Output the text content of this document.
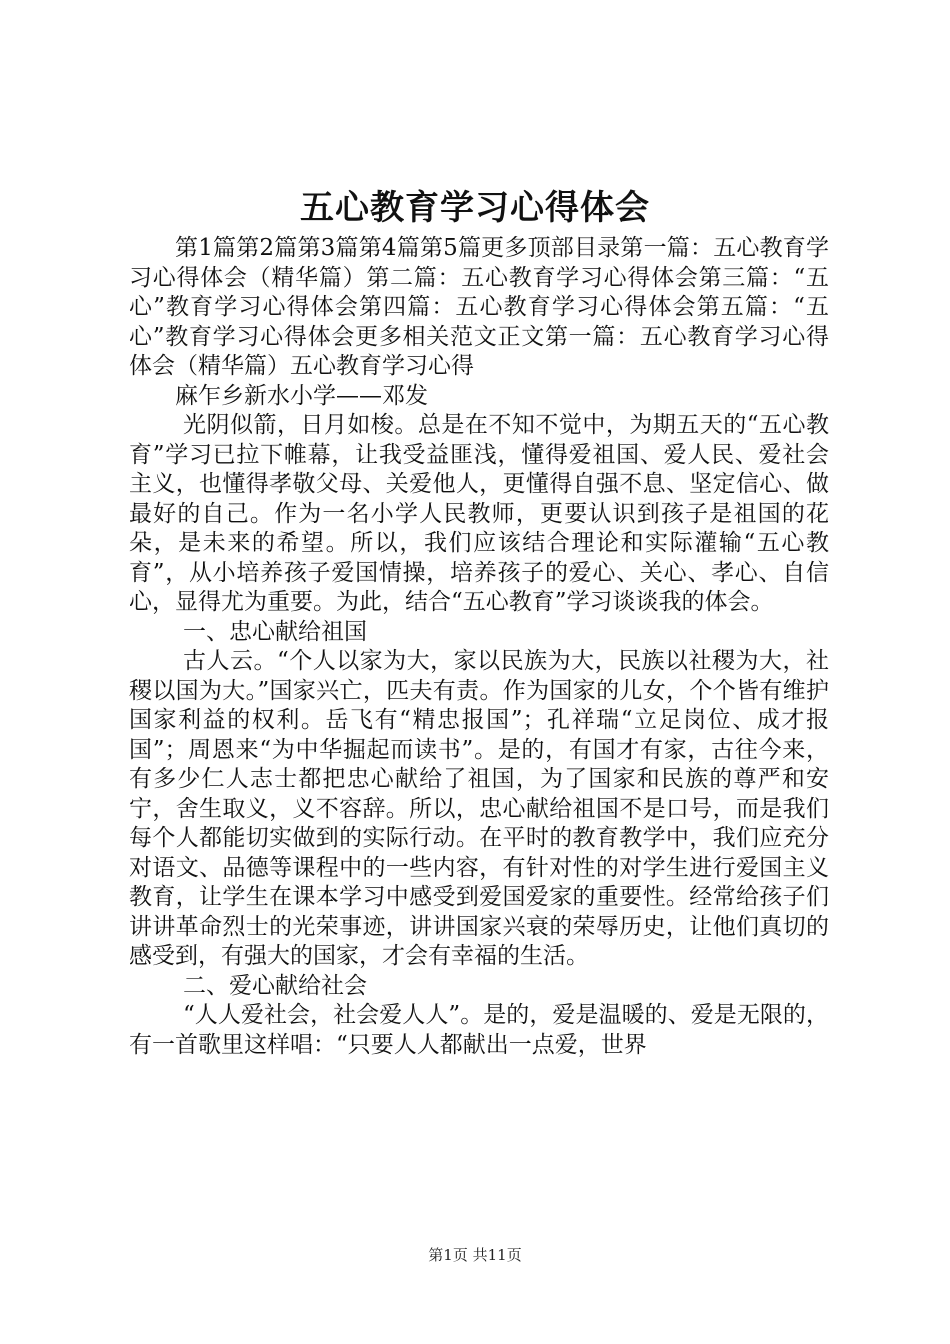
五心教育学习心得体会

第1篇第2篇第3篇第4篇第5篇更多顶部目录第一篇：五心教育学习心得体会（精华篇）第二篇：五心教育学习心得体会第三篇：“五心”教育学习心得体会第四篇：五心教育学习心得体会第五篇：“五心”教育学习心得体会更多相关范文正文第一篇：五心教育学习心得体会（精华篇）五心教育学习心得

麻乍乡新水小学——邓发

光阴似箭，日月如梭。总是在不知不觉中，为期五天的“五心教育”学习已拉下帷幕，让我受益匪浅，懂得爱祖国、爱人民、爱社会主义，也懂得孝敬父母、关爱他人，更懂得自强不息、坚定信心、做最好的自己。作为一名小学人民教师，更要认识到孩子是祖国的花朵，是未来的希望。所以，我们应该结合理论和实际灌输“五心教育”，从小培养孩子爱国情操，培养孩子的爱心、关心、孝心、自信心，显得尤为重要。为此，结合“五心教育”学习谈谈我的体会。

一、忠心献给祖国

古人云。“个人以家为大，家以民族为大，民族以社稷为大，社稷以国为大。”国家兴亡，匹夫有责。作为国家的儿女，个个皆有维护国家利益的权利。岳飞有“精忠报国”；孔祥瑞“立足岗位、成才报国”；周恩来“为中华掘起而读书”。是的，有国才有家，古往今来，有多少仁人志士都把忠心献给了祖国，为了国家和民族的尊严和安宁，舍生取义，义不容辞。所以，忠心献给祖国不是口号，而是我们每个人都能切实做到的实际行动。在平时的教育教学中，我们应充分对语文、品德等课程中的一些内容，有针对性的对学生进行爱国主义教育，让学生在课本学习中感受到爱国爱家的重要性。经常给孩子们讲讲革命烈士的光荣事迹，讲讲国家兴衰的荣辱历史，让他们真切的感受到，有强大的国家，才会有幸福的生活。

二、爱心献给社会

“人人爱社会，社会爱人人”。是的，爱是温暖的、爱是无限的，有一首歌里这样唱：“只要人人都献出一点爱，世界

第1页 共11页
